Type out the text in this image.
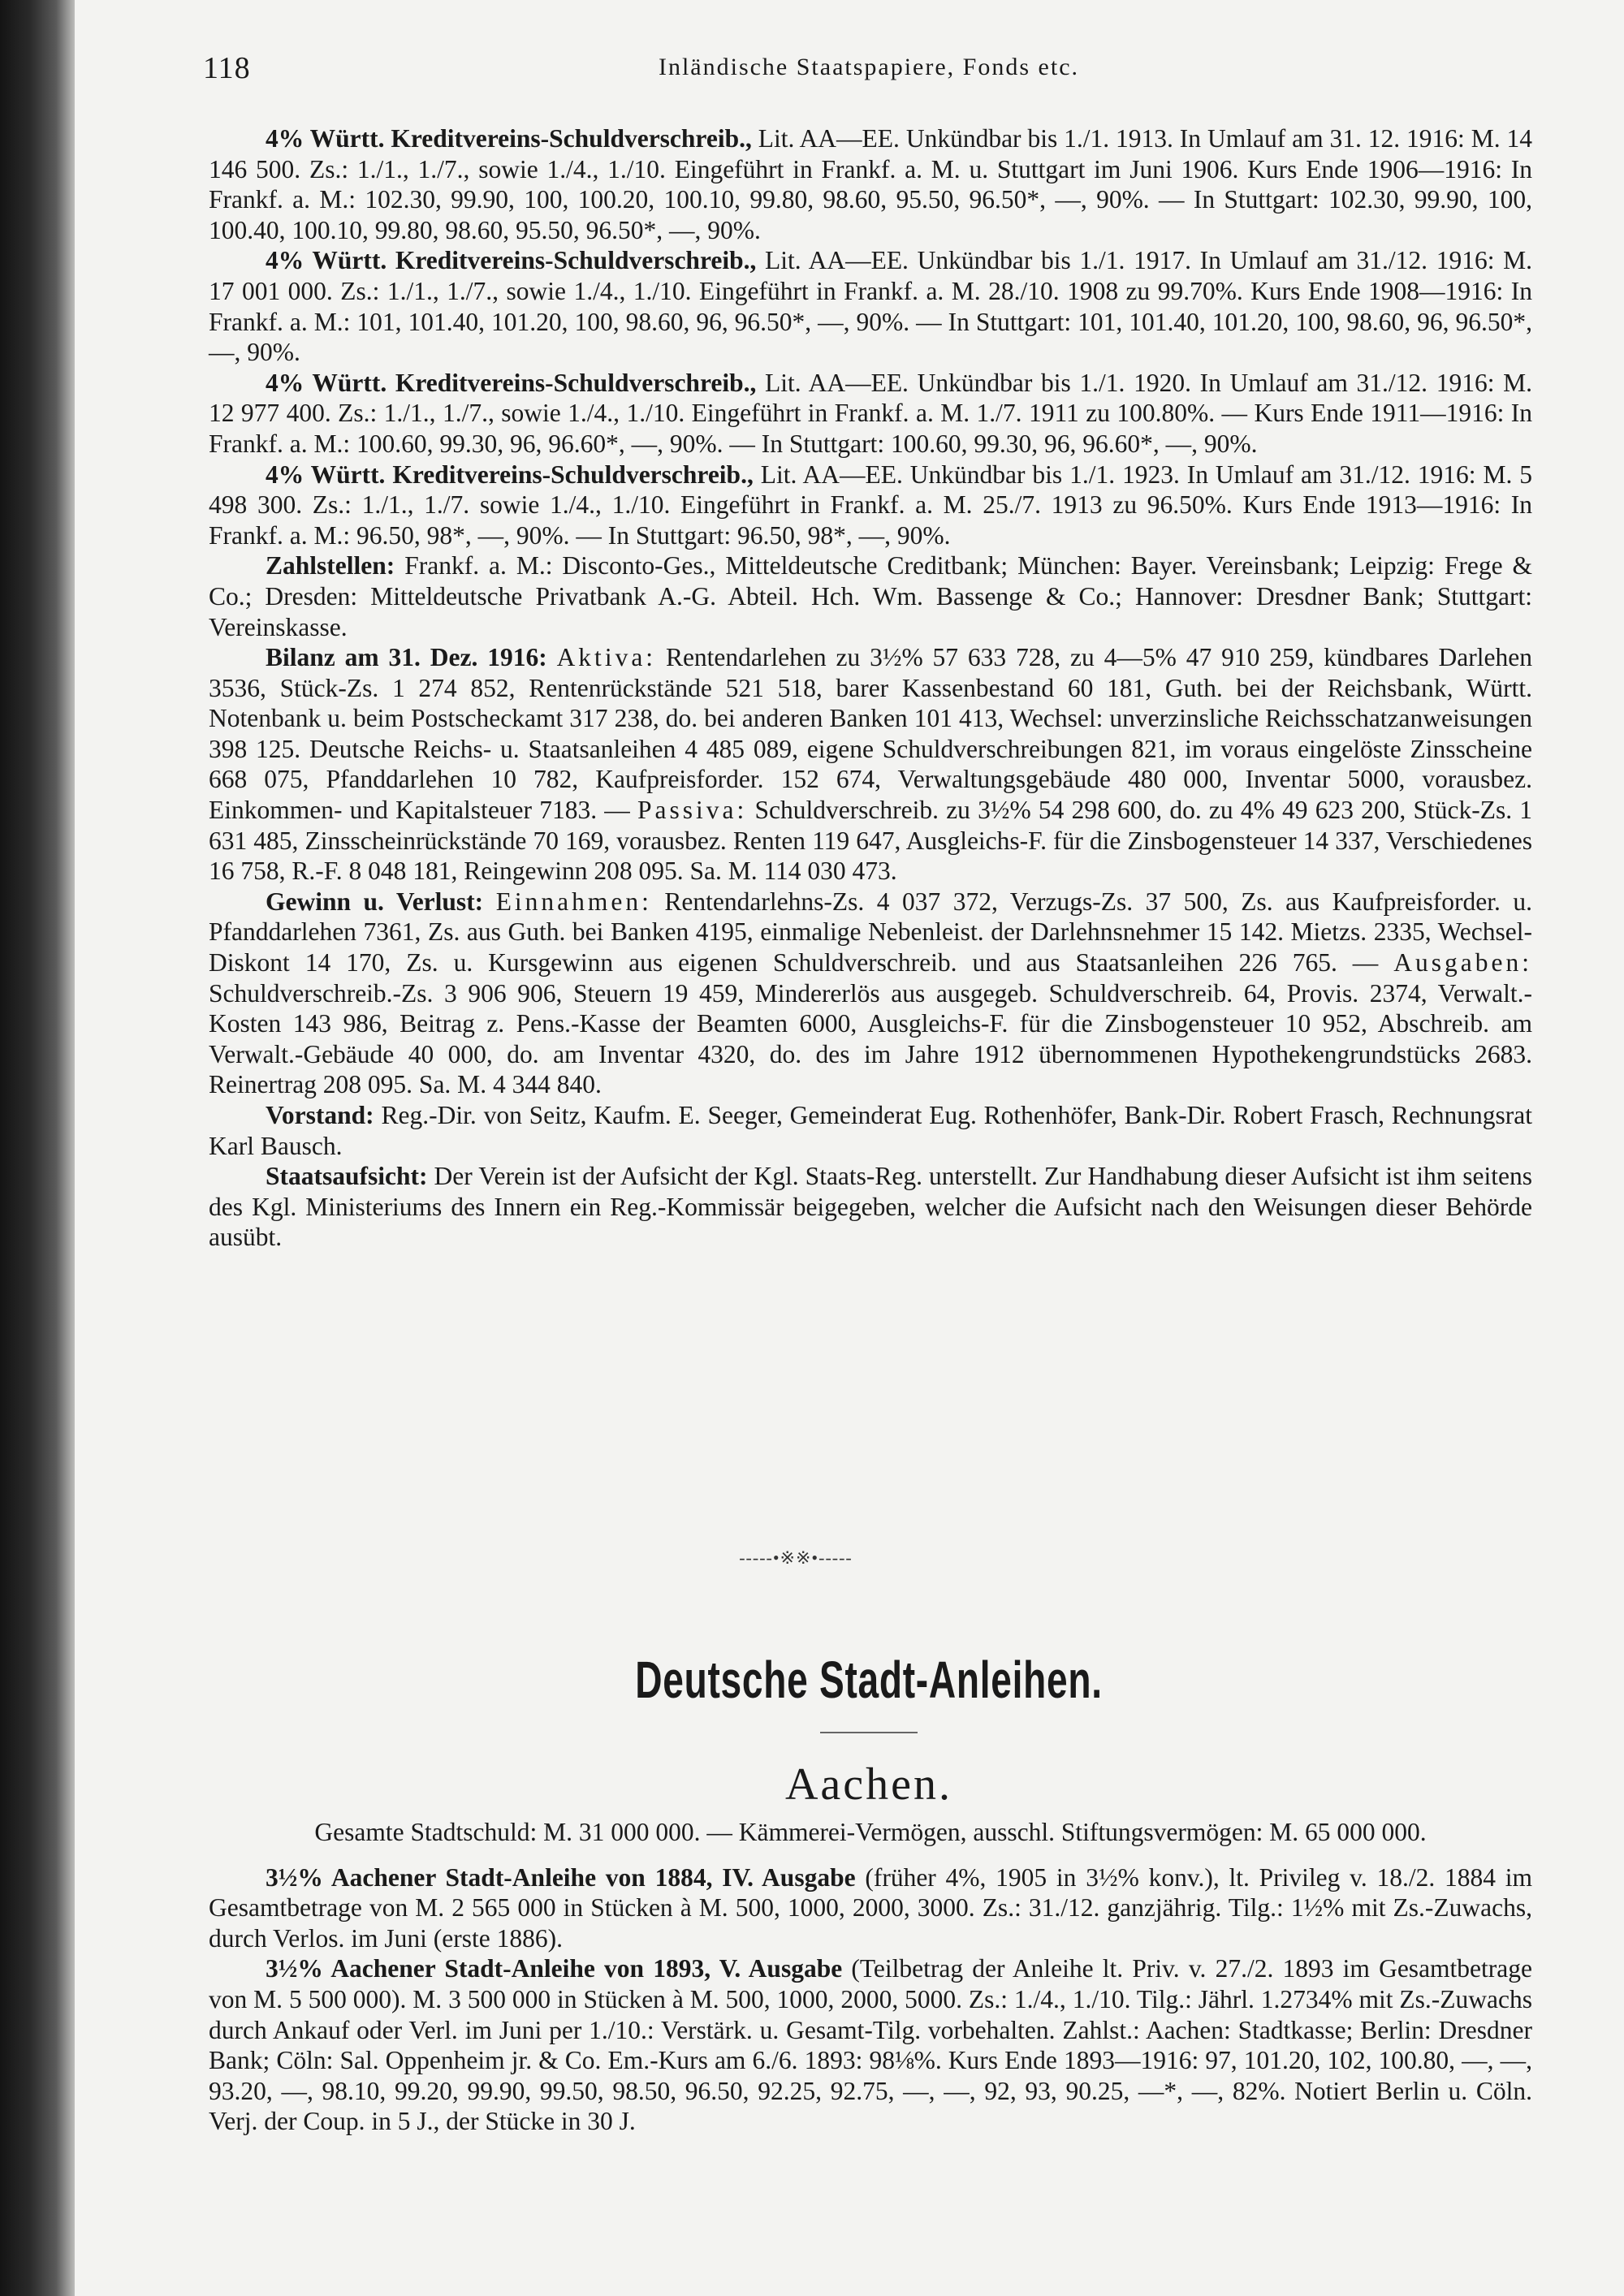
118	Inländische Staatspapiere, Fonds etc.

4% Württ. Kreditvereins-Schuldverschreib., Lit. AA—EE. Unkündbar bis 1./1. 1913. In Umlauf am 31. 12. 1916: M. 14 146 500. Zs.: 1./1., 1./7., sowie 1./4., 1./10. Eingeführt in Frankf. a. M. u. Stuttgart im Juni 1906. Kurs Ende 1906—1916: In Frankf. a. M.: 102.30, 99.90, 100, 100.20, 100.10, 99.80, 98.60, 95.50, 96.50*, —, 90%. — In Stuttgart: 102.30, 99.90, 100, 100.40, 100.10, 99.80, 98.60, 95.50, 96.50*, —, 90%.

4% Württ. Kreditvereins-Schuldverschreib., Lit. AA—EE. Unkündbar bis 1./1. 1917. In Umlauf am 31./12. 1916: M. 17 001 000. Zs.: 1./1., 1./7., sowie 1./4., 1./10. Eingeführt in Frankf. a. M. 28./10. 1908 zu 99.70%. Kurs Ende 1908—1916: In Frankf. a. M.: 101, 101.40, 101.20, 100, 98.60, 96, 96.50*, —, 90%. — In Stuttgart: 101, 101.40, 101.20, 100, 98.60, 96, 96.50*, —, 90%.

4% Württ. Kreditvereins-Schuldverschreib., Lit. AA—EE. Unkündbar bis 1./1. 1920. In Umlauf am 31./12. 1916: M. 12 977 400. Zs.: 1./1., 1./7., sowie 1./4., 1./10. Eingeführt in Frankf. a. M. 1./7. 1911 zu 100.80%. — Kurs Ende 1911—1916: In Frankf. a. M.: 100.60, 99.30, 96, 96.60*, —, 90%. — In Stuttgart: 100.60, 99.30, 96, 96.60*, —, 90%.

4% Württ. Kreditvereins-Schuldverschreib., Lit. AA—EE. Unkündbar bis 1./1. 1923. In Umlauf am 31./12. 1916: M. 5 498 300. Zs.: 1./1., 1./7. sowie 1./4., 1./10. Eingeführt in Frankf. a. M. 25./7. 1913 zu 96.50%. Kurs Ende 1913—1916: In Frankf. a. M.: 96.50, 98*, —, 90%. — In Stuttgart: 96.50, 98*, —, 90%.

Zahlstellen: Frankf. a. M.: Disconto-Ges., Mitteldeutsche Creditbank; München: Bayer. Vereinsbank; Leipzig: Frege & Co.; Dresden: Mitteldeutsche Privatbank A.-G. Abteil. Hch. Wm. Bassenge & Co.; Hannover: Dresdner Bank; Stuttgart: Vereinskasse.

Bilanz am 31. Dez. 1916: Aktiva: Rentendarlehen zu 3½% 57 633 728, zu 4—5% 47 910 259, kündbares Darlehen 3536, Stück-Zs. 1 274 852, Rentenrückstände 521 518, barer Kassenbestand 60 181, Guth. bei der Reichsbank, Württ. Notenbank u. beim Postscheckamt 317 238, do. bei anderen Banken 101 413, Wechsel: unverzinsliche Reichsschatzanweisungen 398 125. Deutsche Reichs- u. Staatsanleihen 4 485 089, eigene Schuldverschreibungen 821, im voraus eingelöste Zinsscheine 668 075, Pfanddarlehen 10 782, Kaufpreisforder. 152 674, Verwaltungsgebäude 480 000, Inventar 5000, vorausbez. Einkommen- und Kapitalsteuer 7183. — Passiva: Schuldverschreib. zu 3½% 54 298 600, do. zu 4% 49 623 200, Stück-Zs. 1 631 485, Zinsscheinrückstände 70 169, vorausbez. Renten 119 647, Ausgleichs-F. für die Zinsbogensteuer 14 337, Verschiedenes 16 758, R.-F. 8 048 181, Reingewinn 208 095. Sa. M. 114 030 473.

Gewinn u. Verlust: Einnahmen: Rentendarlehns-Zs. 4 037 372, Verzugs-Zs. 37 500, Zs. aus Kaufpreisforder. u. Pfanddarlehen 7361, Zs. aus Guth. bei Banken 4195, einmalige Nebenleist. der Darlehnsnehmer 15 142. Mietzs. 2335, Wechsel-Diskont 14 170, Zs. u. Kursgewinn aus eigenen Schuldverschreib. und aus Staatsanleihen 226 765. — Ausgaben: Schuldverschreib.-Zs. 3 906 906, Steuern 19 459, Mindererlös aus ausgegeb. Schuldverschreib. 64, Provis. 2374, Verwalt.-Kosten 143 986, Beitrag z. Pens.-Kasse der Beamten 6000, Ausgleichs-F. für die Zinsbogensteuer 10 952, Abschreib. am Verwalt.-Gebäude 40 000, do. am Inventar 4320, do. des im Jahre 1912 übernommenen Hypothekengrundstücks 2683. Reinertrag 208 095. Sa. M. 4 344 840.

Vorstand: Reg.-Dir. von Seitz, Kaufm. E. Seeger, Gemeinderat Eug. Rothenhöfer, Bank-Dir. Robert Frasch, Rechnungsrat Karl Bausch.

Staatsaufsicht: Der Verein ist der Aufsicht der Kgl. Staats-Reg. unterstellt. Zur Handhabung dieser Aufsicht ist ihm seitens des Kgl. Ministeriums des Innern ein Reg.-Kommissär beigegeben, welcher die Aufsicht nach den Weisungen dieser Behörde ausübt.

-----•※※•-----
Deutsche Stadt-Anleihen.
Aachen.

Gesamte Stadtschuld: M. 31 000 000. — Kämmerei-Vermögen, ausschl. Stiftungsvermögen: M. 65 000 000.

3½% Aachener Stadt-Anleihe von 1884, IV. Ausgabe (früher 4%, 1905 in 3½% konv.), lt. Privileg v. 18./2. 1884 im Gesamtbetrage von M. 2 565 000 in Stücken à M. 500, 1000, 2000, 3000. Zs.: 31./12. ganzjährig. Tilg.: 1½% mit Zs.-Zuwachs, durch Verlos. im Juni (erste 1886).

3½% Aachener Stadt-Anleihe von 1893, V. Ausgabe (Teilbetrag der Anleihe lt. Priv. v. 27./2. 1893 im Gesamtbetrage von M. 5 500 000). M. 3 500 000 in Stücken à M. 500, 1000, 2000, 5000. Zs.: 1./4., 1./10. Tilg.: Jährl. 1.2734% mit Zs.-Zuwachs durch Ankauf oder Verl. im Juni per 1./10.: Verstärk. u. Gesamt-Tilg. vorbehalten. Zahlst.: Aachen: Stadtkasse; Berlin: Dresdner Bank; Cöln: Sal. Oppenheim jr. & Co. Em.-Kurs am 6./6. 1893: 98⅛%. Kurs Ende 1893—1916: 97, 101.20, 102, 100.80, —, —, 93.20, —, 98.10, 99.20, 99.90, 99.50, 98.50, 96.50, 92.25, 92.75, —, —, 92, 93, 90.25, —*, —, 82%. Notiert Berlin u. Cöln. Verj. der Coup. in 5 J., der Stücke in 30 J.
